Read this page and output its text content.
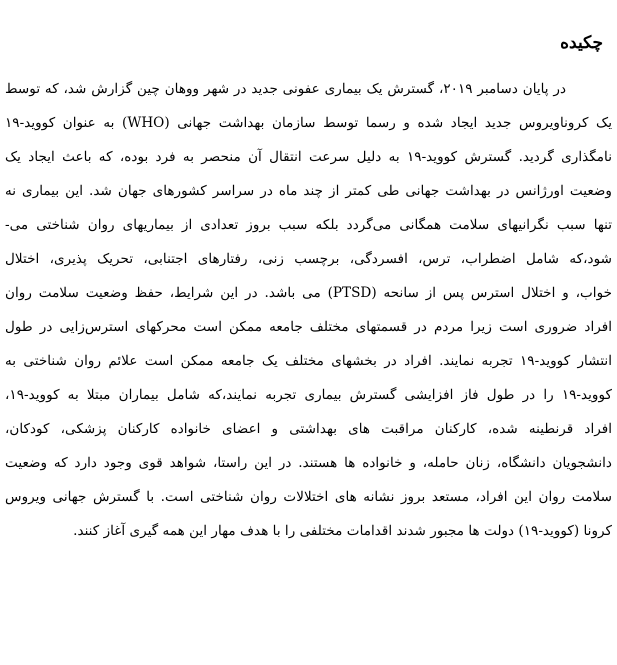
چکیده
در پایان دسامبر ۲۰۱۹، گسترش یک بیماری عفونی جدید در شهر ووهان چین گزارش شد، که توسط
یک کروناویروس جدید ایجاد شده و رسما توسط سازمان بهداشت جهانی (WHO) به عنوان کووید-۱۹
نامگذاری گردید. گسترش کووید-۱۹ به دلیل سرعت انتقال آن منحصر به فرد بوده، که باعث ایجاد یک
وضعیت اورژانس در بهداشت جهانی طی کمتر از چند ماه در سراسر کشورهای جهان شد. این بیماری نه
تنها سبب نگرانیهای سلامت همگانی می‌گردد بلکه سبب بروز تعدادی از بیماریهای روان شناختی می-
شود،که شامل اضطراب، ترس، افسردگی، برچسب زنی، رفتارهای اجتنابی، تحریک پذیری، اختلال
خواب، و اختلال استرس پس از سانحه (PTSD) می باشد. در این شرایط، حفظ وضعیت سلامت روان
افراد ضروری است زیرا مردم در قسمتهای مختلف جامعه ممکن است محرکهای استرس‌زایی در طول
انتشار کووید-۱۹ تجربه نمایند. افراد در بخشهای مختلف یک جامعه ممکن است علائم روان شناختی به
کووید-۱۹ را در طول فاز افزایشی گسترش بیماری تجربه نمایند،که شامل بیماران مبتلا به کووید-۱۹،
افراد قرنطینه شده، کارکنان مراقبت های بهداشتی و اعضای خانواده کارکنان پزشکی، کودکان،
دانشجویان دانشگاه، زنان حامله، و خانواده ها هستند. در این راستا، شواهد قوی وجود دارد که وضعیت
سلامت روان این افراد، مستعد بروز نشانه های اختلالات روان شناختی است. با گسترش جهانی ویروس
کرونا (کووید-۱۹) دولت ها مجبور شدند اقدامات مختلفی را با هدف مهار این همه گیری آغاز کنند.
